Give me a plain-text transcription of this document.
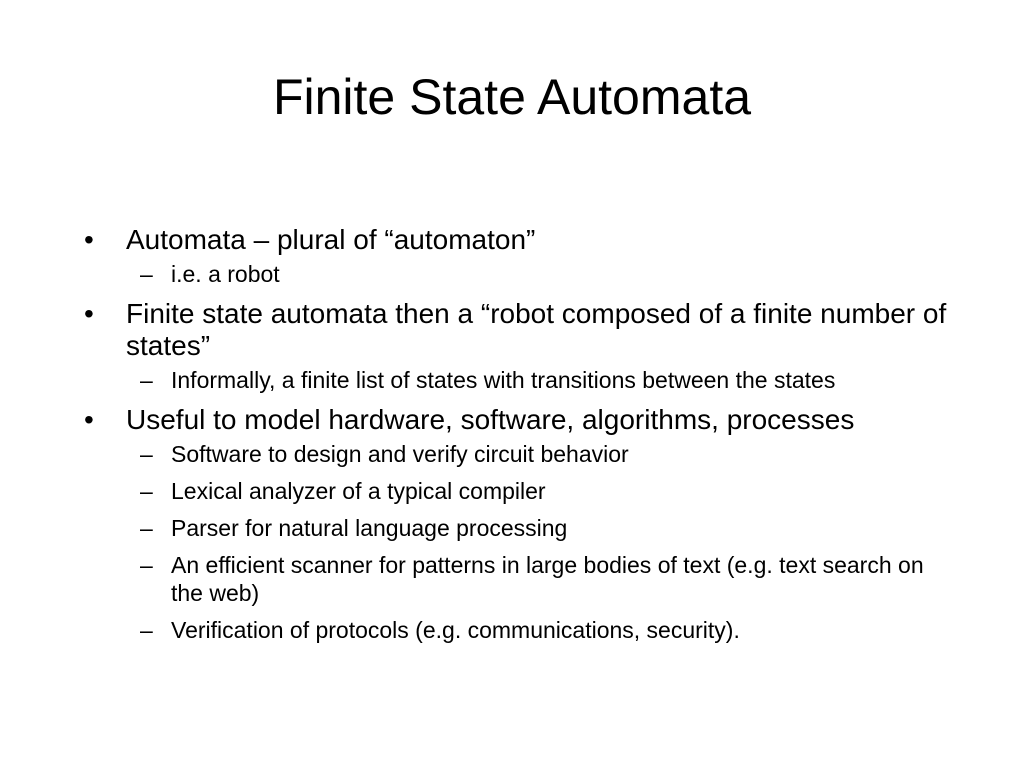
Finite State Automata
• Automata – plural of “automaton”
– i.e. a robot
• Finite state automata then a “robot composed of a finite number of states”
– Informally, a finite list of states with transitions between the states
• Useful to model hardware, software, algorithms, processes
– Software to design and verify circuit behavior
– Lexical analyzer of a typical compiler
– Parser for natural language processing
– An efficient scanner for patterns in large bodies of text (e.g. text search on the web)
– Verification of protocols (e.g. communications, security).
